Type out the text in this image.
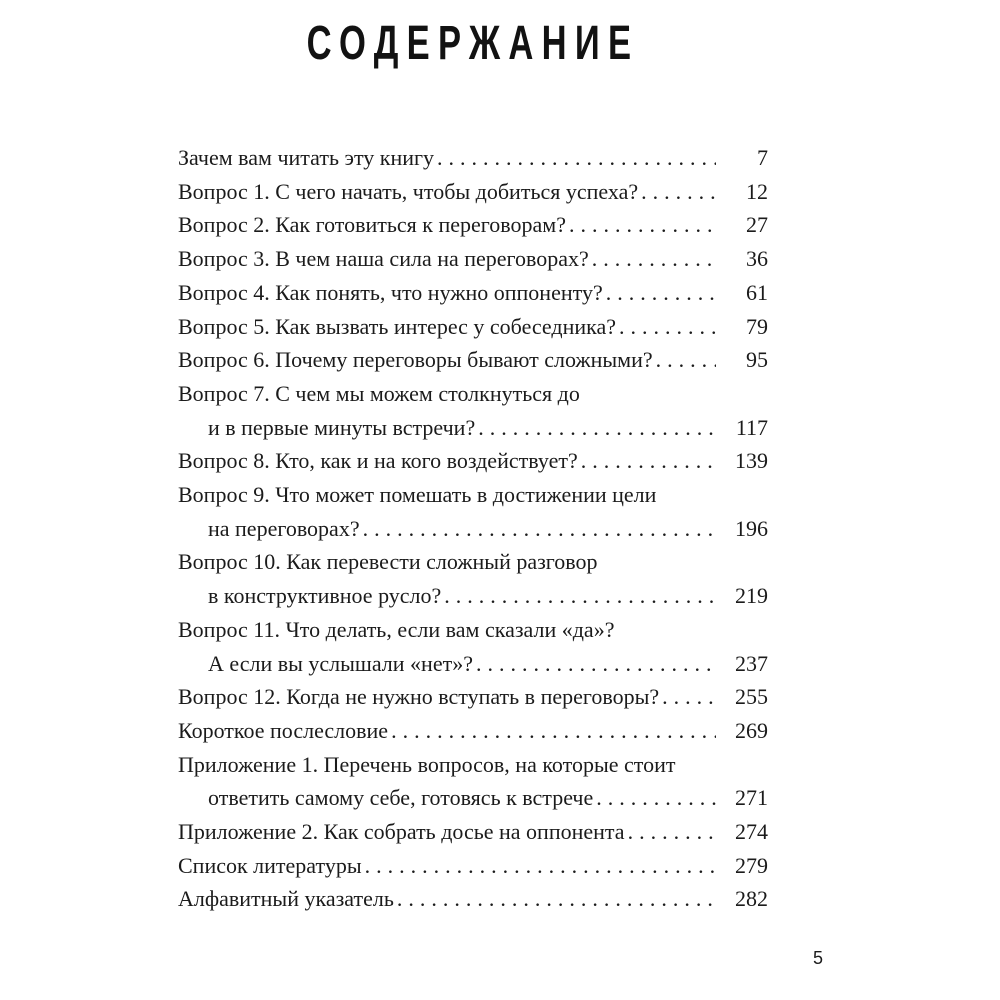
СОДЕРЖАНИЕ
Зачем вам читать эту книгу .....	7
Вопрос 1. С чего начать, чтобы добиться успеха? .....	12
Вопрос 2. Как готовиться к переговорам? .....	27
Вопрос 3. В чем наша сила на переговорах? .....	36
Вопрос 4. Как понять, что нужно оппоненту? .....	61
Вопрос 5. Как вызвать интерес у собеседника? .....	79
Вопрос 6. Почему переговоры бывают сложными? .....	95
Вопрос 7. С чем мы можем столкнуться до
и в первые минуты встречи? .....	117
Вопрос 8. Кто, как и на кого воздействует? .....	139
Вопрос 9. Что может помешать в достижении цели
на переговорах? .....	196
Вопрос 10. Как перевести сложный разговор
в конструктивное русло? .....	219
Вопрос 11. Что делать, если вам сказали «да»?
А если вы услышали «нет»? .....	237
Вопрос 12. Когда не нужно вступать в переговоры? .....	255
Короткое послесловие .....	269
Приложение 1. Перечень вопросов, на которые стоит
ответить самому себе, готовясь к встрече .....	271
Приложение 2. Как собрать досье на оппонента .....	274
Список литературы .....	279
Алфавитный указатель .....	282
5
